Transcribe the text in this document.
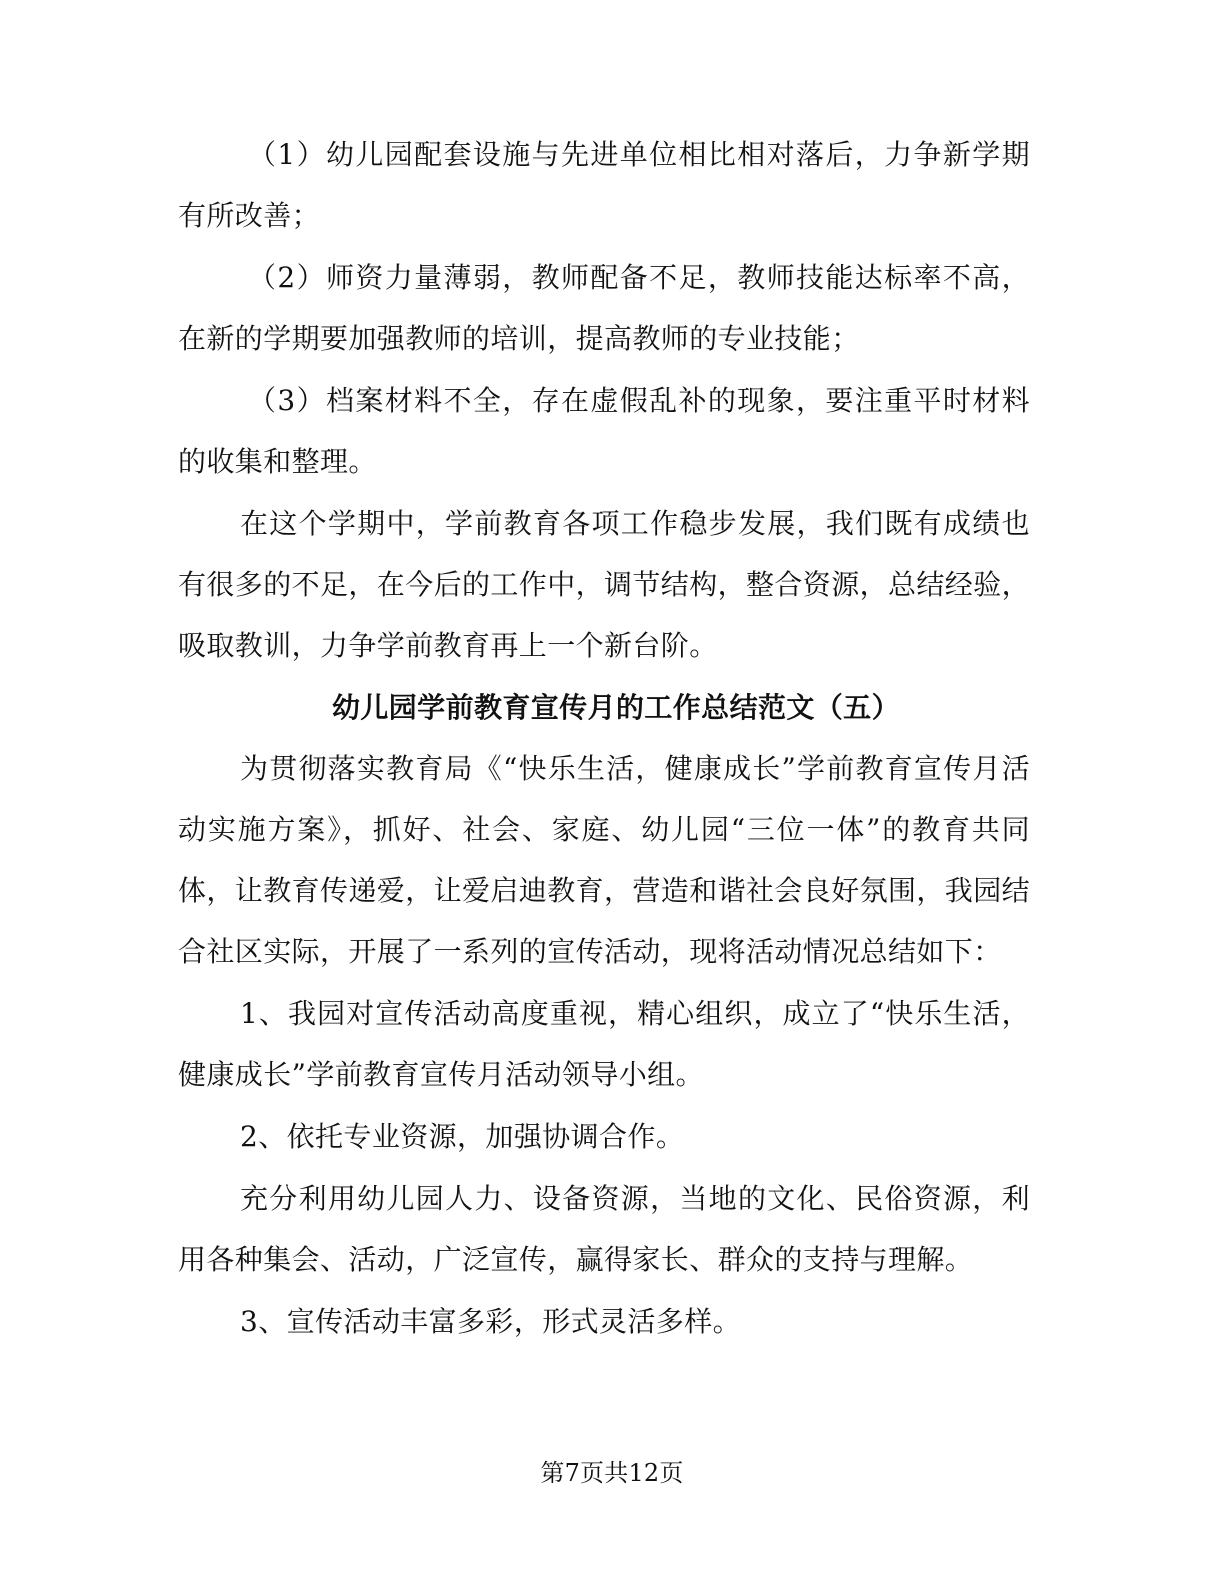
（1）幼儿园配套设施与先进单位相比相对落后，力争新学期有所改善；

（2）师资力量薄弱，教师配备不足，教师技能达标率不高，在新的学期要加强教师的培训，提高教师的专业技能；

（3）档案材料不全，存在虚假乱补的现象，要注重平时材料的收集和整理。

在这个学期中，学前教育各项工作稳步发展，我们既有成绩也有很多的不足，在今后的工作中，调节结构，整合资源，总结经验，吸取教训，力争学前教育再上一个新台阶。

幼儿园学前教育宣传月的工作总结范文（五）

为贯彻落实教育局《“快乐生活，健康成长”学前教育宣传月活动实施方案》，抓好、社会、家庭、幼儿园“三位一体”的教育共同体，让教育传递爱，让爱启迪教育，营造和谐社会良好氛围，我园结合社区实际，开展了一系列的宣传活动，现将活动情况总结如下：

1、我园对宣传活动高度重视，精心组织，成立了“快乐生活，健康成长”学前教育宣传月活动领导小组。

2、依托专业资源，加强协调合作。

充分利用幼儿园人力、设备资源，当地的文化、民俗资源，利用各种集会、活动，广泛宣传，赢得家长、群众的支持与理解。

3、宣传活动丰富多彩，形式灵活多样。

第7页共12页
